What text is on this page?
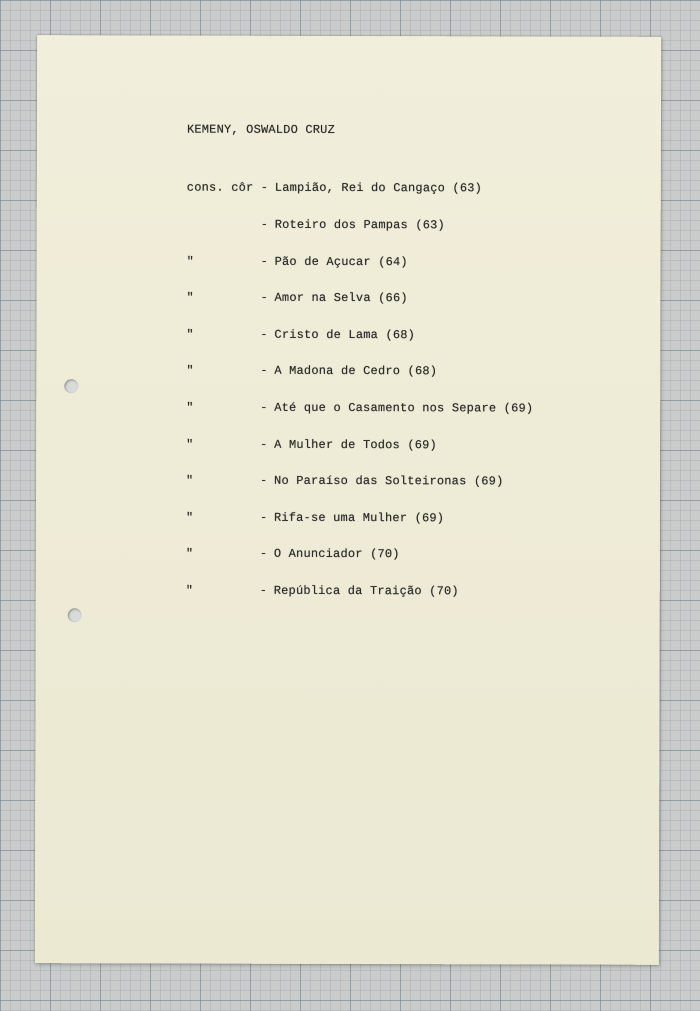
KEMENY, OSWALDO CRUZ

cons. côr - Lampião, Rei do Cangaço (63)

- Roteiro dos Pampas (63)

"	- Pão de Açucar (64)

"	- Amor na Selva (66)

"	- Cristo de Lama (68)

"	- A Madona de Cedro (68)

"	- Até que o Casamento nos Separe (69)

"	- A Mulher de Todos (69)

"	- No Paraíso das Solteironas (69)

"	- Rifa-se uma Mulher (69)

"	- O Anunciador (70)

"	- República da Traição (70)
